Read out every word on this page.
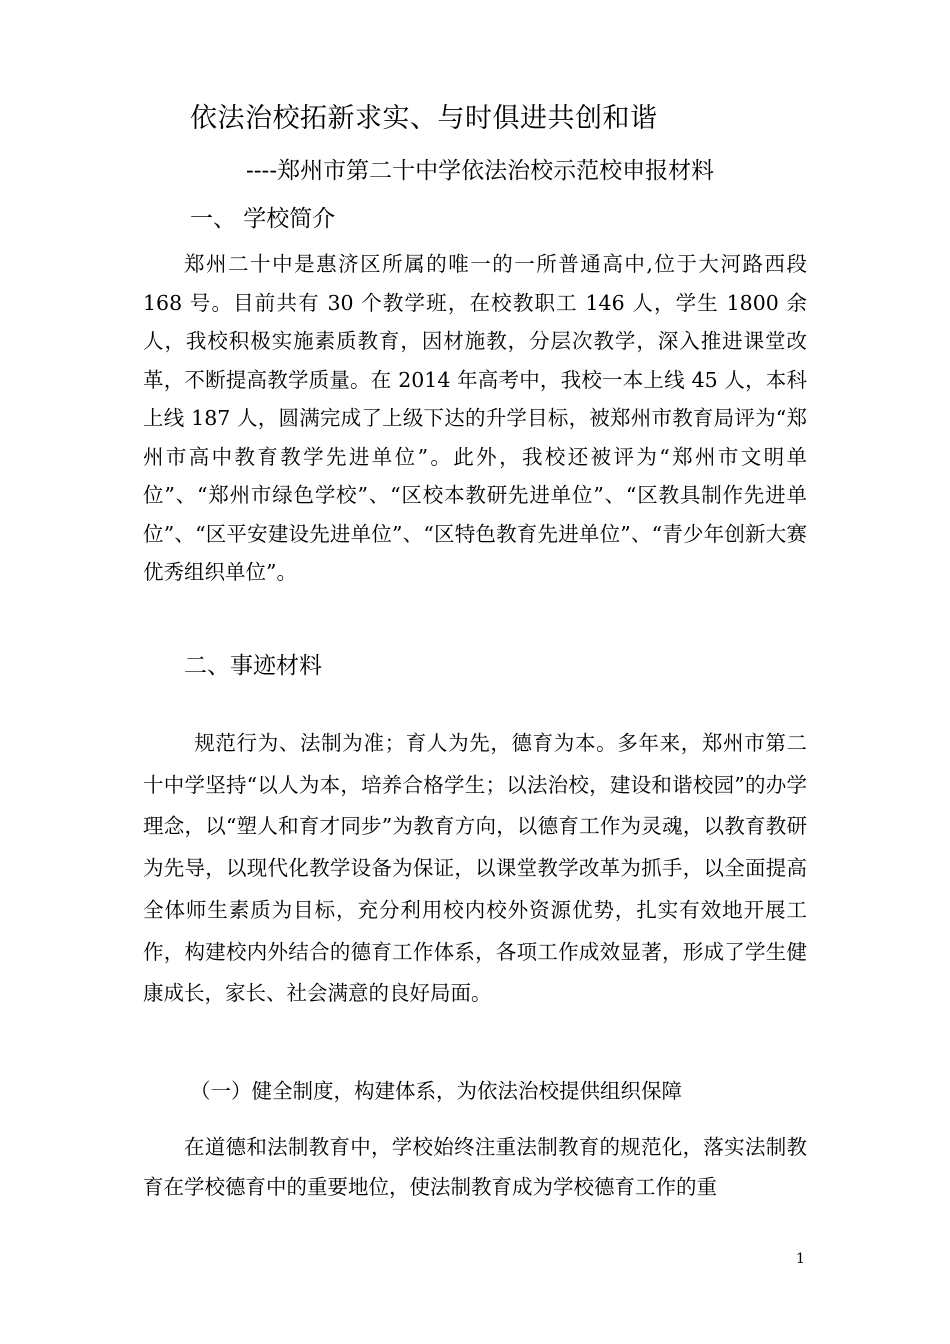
依法治校拓新求实、与时俱进共创和谐
----郑州市第二十中学依法治校示范校申报材料
一、 学校简介

郑州二十中是惠济区所属的唯一的一所普通高中,位于大河路西段 168 号。目前共有 30 个教学班，在校教职工 146 人，学生 1800 余人，我校积极实施素质教育，因材施教，分层次教学，深入推进课堂改革，不断提高教学质量。在 2014 年高考中，我校一本上线 45 人，本科上线 187 人，圆满完成了上级下达的升学目标，被郑州市教育局评为“郑州市高中教育教学先进单位”。此外，我校还被评为“郑州市文明单位”、“郑州市绿色学校”、“区校本教研先进单位”、“区教具制作先进单位”、“区平安建设先进单位”、“区特色教育先进单位”、“青少年创新大赛优秀组织单位”。

二、事迹材料

规范行为、法制为准；育人为先，德育为本。多年来，郑州市第二十中学坚持“以人为本，培养合格学生；以法治校，建设和谐校园”的办学理念，以“塑人和育才同步”为教育方向，以德育工作为灵魂，以教育教研为先导，以现代化教学设备为保证，以课堂教学改革为抓手，以全面提高全体师生素质为目标，充分利用校内校外资源优势，扎实有效地开展工作，构建校内外结合的德育工作体系，各项工作成效显著，形成了学生健康成长，家长、社会满意的良好局面。

（一）健全制度，构建体系，为依法治校提供组织保障

在道德和法制教育中，学校始终注重法制教育的规范化，落实法制教育在学校德育中的重要地位，使法制教育成为学校德育工作的重

1
